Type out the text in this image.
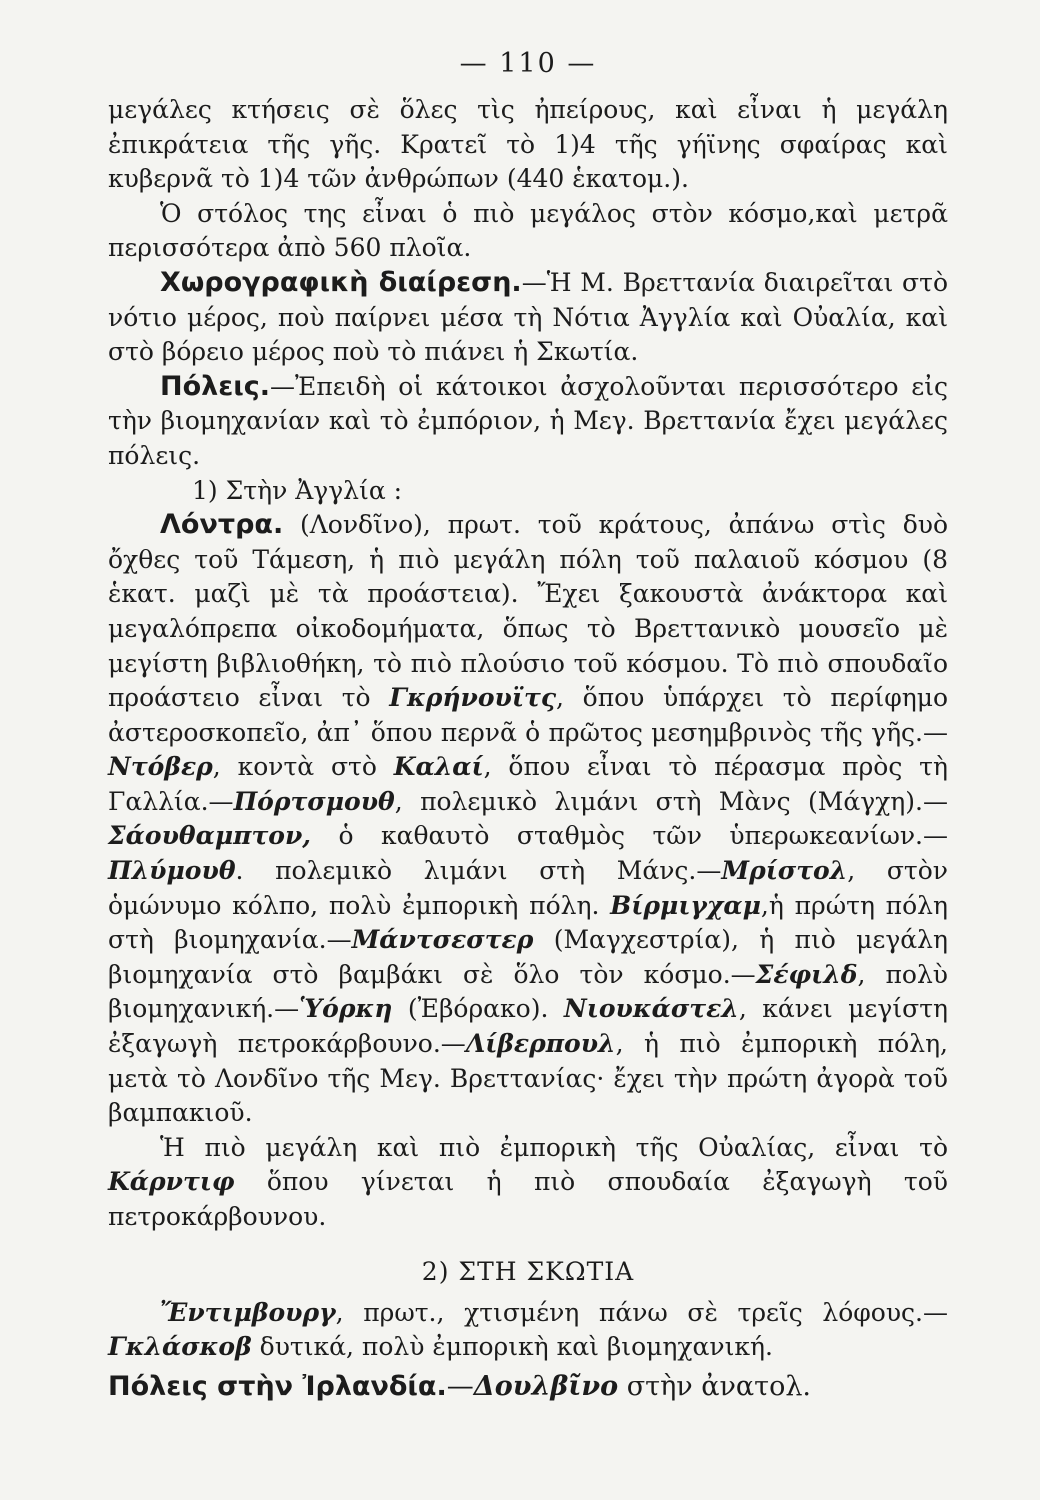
— 110 —

μεγάλες κτήσεις σὲ ὅλες τὶς ἠπείρους, καὶ εἶναι ἡ μεγάλη ἐπικράτεια τῆς γῆς. Κρατεῖ τὸ 1)4 τῆς γήϊνης σφαίρας καὶ κυβερνᾶ τὸ 1)4 τῶν ἀνθρώπων (440 ἑκατομ.).

Ὁ στόλος της εἶναι ὁ πιὸ μεγάλος στὸν κόσμο,καὶ μετρᾶ περισσότερα ἀπὸ 560 πλοῖα.

Χωρογραφικὴ διαίρεση.—Ἡ Μ. Βρεττανία διαιρεῖται στὸ νότιο μέρος, ποὺ παίρνει μέσα τὴ Νότια Ἀγγλία καὶ Οὐαλία, καὶ στὸ βόρειο μέρος ποὺ τὸ πιάνει ἡ Σκωτία.

Πόλεις.—Ἐπειδὴ οἱ κάτοικοι ἀσχολοῦνται περισσότερο εἰς τὴν βιομηχανίαν καὶ τὸ ἐμπόριον, ἡ Μεγ. Βρεττανία ἔχει μεγάλες πόλεις.

1) Στὴν Ἀγγλία :

Λόντρα. (Λονδῖνο), πρωτ. τοῦ κράτους, ἀπάνω στὶς δυὸ ὄχθες τοῦ Τάμεση, ἡ πιὸ μεγάλη πόλη τοῦ παλαιοῦ κόσμου (8 ἑκατ. μαζὶ μὲ τὰ προάστεια). Ἔχει ξακουστὰ ἀνάκτορα καὶ μεγαλόπρεπα οἰκοδομήματα, ὅπως τὸ Βρεττανικὸ μουσεῖο μὲ μεγίστη βιβλιοθήκη, τὸ πιὸ πλούσιο τοῦ κόσμου. Τὸ πιὸ σπουδαῖο προάστειο εἶναι τὸ Γκρήνουϊτς, ὅπου ὑπάρχει τὸ περίφημο ἀστεροσκοπεῖο, ἀπ᾿ ὅπου περνᾶ ὁ πρῶτος μεσημβρινὸς τῆς γῆς.—Ντόβερ, κοντὰ στὸ Καλαί, ὅπου εἶναι τὸ πέρασμα πρὸς τὴ Γαλλία.—Πόρτσμουθ, πολεμικὸ λιμάνι στὴ Μὰνς (Μάγχη).—Σάουθαμπτον, ὁ καθαυτὸ σταθμὸς τῶν ὑπερωκεανίων.—Πλύμουθ. πολεμικὸ λιμάνι στὴ Μάνς.—Μρίστολ, στὸν ὁμώνυμο κόλπο, πολὺ ἐμπορικὴ πόλη. Βίρμιγχαμ,ἡ πρώτη πόλη στὴ βιομηχανία.—Μάντσεστερ (Μαγχεστρία), ἡ πιὸ μεγάλη βιομηχανία στὸ βαμβάκι σὲ ὅλο τὸν κόσμο.—Σέφιλδ, πολὺ βιομηχανική.—Ὑόρκη (Ἐβόρακο). Νιουκάστελ, κάνει μεγίστη ἐξαγωγὴ πετροκάρβουνο.—Λίβερπουλ, ἡ πιὸ ἐμπορικὴ πόλη, μετὰ τὸ Λονδῖνο τῆς Μεγ. Βρεττανίας· ἔχει τὴν πρώτη ἀγορὰ τοῦ βαμπακιοῦ.

Ἡ πιὸ μεγάλη καὶ πιὸ ἐμπορικὴ τῆς Οὐαλίας, εἶναι τὸ Κάρντιφ ὅπου γίνεται ἡ πιὸ σπουδαία ἐξαγωγὴ τοῦ πετροκάρβουνου.

2) ΣΤΗ ΣΚΩΤΙΑ

Ἔντιμβουργ, πρωτ., χτισμένη πάνω σὲ τρεῖς λόφους.—Γκλάσκοβ δυτικά, πολὺ ἐμπορικὴ καὶ βιομηχανική.

Πόλεις στὴν Ἰρλανδία.—Δουλβῖνο στὴν ἀνατολ.
